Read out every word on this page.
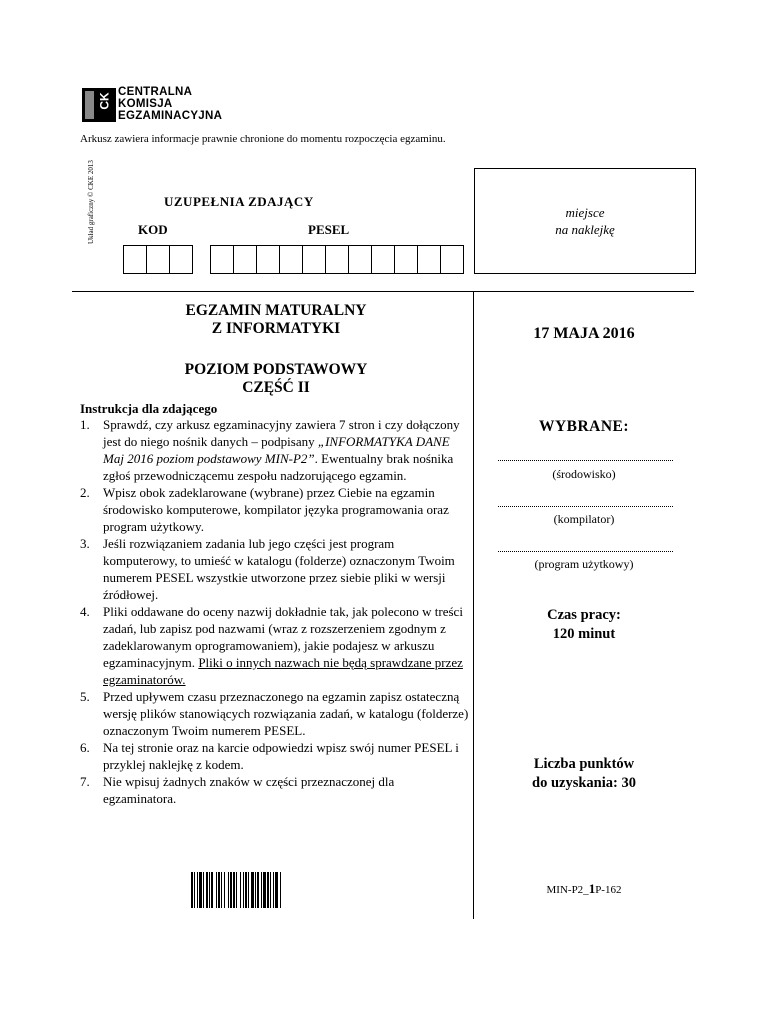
CK
CENTRALNA
KOMISJA
EGZAMINACYJNA
Arkusz zawiera informacje prawnie chronione do momentu rozpoczęcia egzaminu.
Układ graficzny © CKE 2013	UZUPEŁNIA ZDAJĄCY
KOD	PESEL
miejsce
na naklejkę
EGZAMIN MATURALNY
Z INFORMATYKI
POZIOM PODSTAWOWY
CZĘŚĆ II
Instrukcja dla zdającego
1. Sprawdź, czy arkusz egzaminacyjny zawiera 7 stron i czy dołączony jest do niego nośnik danych – podpisany „INFORMATYKA DANE Maj 2016 poziom podstawowy MIN-P2”. Ewentualny brak nośnika zgłoś przewodniczącemu zespołu nadzorującego egzamin.
2. Wpisz obok zadeklarowane (wybrane) przez Ciebie na egzamin środowisko komputerowe, kompilator języka programowania oraz program użytkowy.
3. Jeśli rozwiązaniem zadania lub jego części jest program komputerowy, to umieść w katalogu (folderze) oznaczonym Twoim numerem PESEL wszystkie utworzone przez siebie pliki w wersji źródłowej.
4. Pliki oddawane do oceny nazwij dokładnie tak, jak polecono w treści zadań, lub zapisz pod nazwami (wraz z rozszerzeniem zgodnym z zadeklarowanym oprogramowaniem), jakie podajesz w arkuszu egzaminacyjnym. Pliki o innych nazwach nie będą sprawdzane przez egzaminatorów.
5. Przed upływem czasu przeznaczonego na egzamin zapisz ostateczną wersję plików stanowiących rozwiązania zadań, w katalogu (folderze) oznaczonym Twoim numerem PESEL.
6. Na tej stronie oraz na karcie odpowiedzi wpisz swój numer PESEL i przyklej naklejkę z kodem.
7. Nie wpisuj żadnych znaków w części przeznaczonej dla egzaminatora.
17 MAJA 2016
WYBRANE:
(środowisko)
(kompilator)
(program użytkowy)
Czas pracy:
120 minut
Liczba punktów
do uzyskania: 30
MIN-P2_1P-162
